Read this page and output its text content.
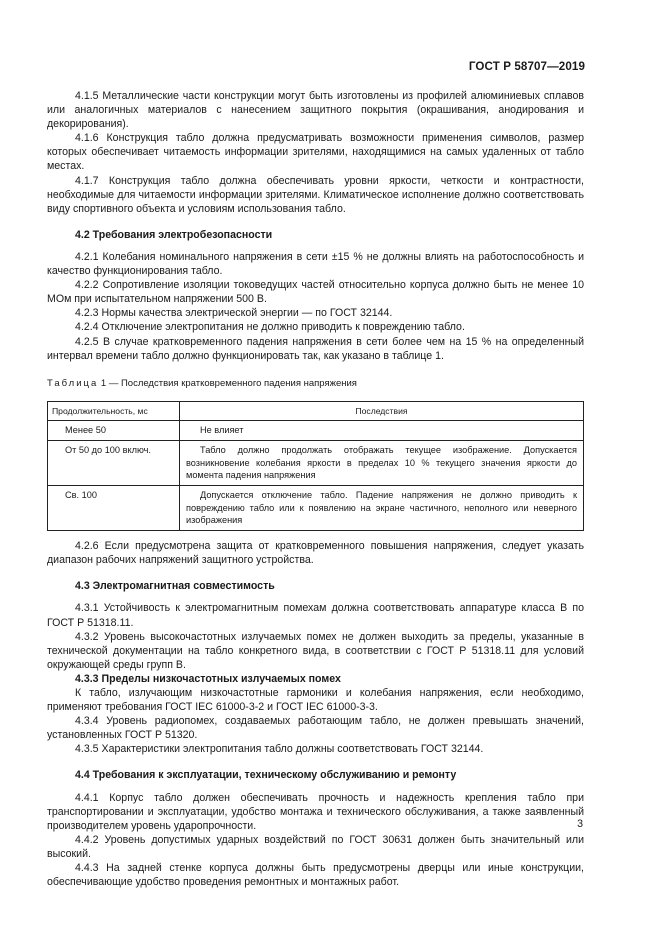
ГОСТ Р 58707—2019

4.1.5 Металлические части конструкции могут быть изготовлены из профилей алюминиевых сплавов или аналогичных материалов с нанесением защитного покрытия (окрашивания, анодирования и декорирования).

4.1.6 Конструкция табло должна предусматривать возможности применения символов, размер которых обеспечивает читаемость информации зрителями, находящимися на самых удаленных от табло местах.

4.1.7 Конструкция табло должна обеспечивать уровни яркости, четкости и контрастности, необходимые для читаемости информации зрителями. Климатическое исполнение должно соответствовать виду спортивного объекта и условиям использования табло.

4.2 Требования электробезопасности

4.2.1 Колебания номинального напряжения в сети ±15 % не должны влиять на работоспособность и качество функционирования табло.

4.2.2 Сопротивление изоляции токоведущих частей относительно корпуса должно быть не менее 10 МОм при испытательном напряжении 500 В.

4.2.3 Нормы качества электрической энергии — по ГОСТ 32144.

4.2.4 Отключение электропитания не должно приводить к повреждению табло.

4.2.5 В случае кратковременного падения напряжения в сети более чем на 15 % на определенный интервал времени табло должно функционировать так, как указано в таблице 1.

Таблица 1 — Последствия кратковременного падения напряжения
Продолжительность, мс	Последствия
Менее 50	Не влияет

От 50 до 100 включ.	Табло должно продолжать отображать текущее изображение. Допускается возникновение колебания яркости в пределах 10 % текущего значения яркости до момента падения напряжения

Св. 100	Допускается отключение табло. Падение напряжения не должно приводить к повреждению табло или к появлению на экране частичного, неполного или неверного изображения

4.2.6 Если предусмотрена защита от кратковременного повышения напряжения, следует указать диапазон рабочих напряжений защитного устройства.

4.3 Электромагнитная совместимость

4.3.1 Устойчивость к электромагнитным помехам должна соответствовать аппаратуре класса В по ГОСТ Р 51318.11.

4.3.2 Уровень высокочастотных излучаемых помех не должен выходить за пределы, указанные в технической документации на табло конкретного вида, в соответствии с ГОСТ Р 51318.11 для условий окружающей среды групп В.

4.3.3 Пределы низкочастотных излучаемых помех

К табло, излучающим низкочастотные гармоники и колебания напряжения, если необходимо, применяют требования ГОСТ IEC 61000-3-2 и ГОСТ IEC 61000-3-3.

4.3.4 Уровень радиопомех, создаваемых работающим табло, не должен превышать значений, установленных ГОСТ Р 51320.

4.3.5 Характеристики электропитания табло должны соответствовать ГОСТ 32144.

4.4 Требования к эксплуатации, техническому обслуживанию и ремонту

4.4.1 Корпус табло должен обеспечивать прочность и надежность крепления табло при транспортировании и эксплуатации, удобство монтажа и технического обслуживания, а также заявленный производителем уровень ударопрочности.

4.4.2 Уровень допустимых ударных воздействий по ГОСТ 30631 должен быть значительный или высокий.

4.4.3 На задней стенке корпуса должны быть предусмотрены дверцы или иные конструкции, обеспечивающие удобство проведения ремонтных и монтажных работ.

3
